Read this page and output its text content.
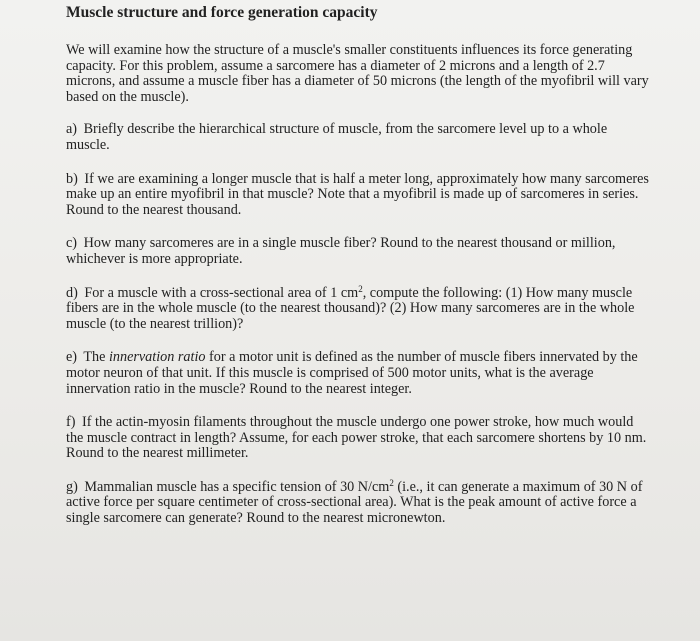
Muscle structure and force generation capacity

We will examine how the structure of a muscle's smaller constituents influences its force generating capacity. For this problem, assume a sarcomere has a diameter of 2 microns and a length of 2.7 microns, and assume a muscle fiber has a diameter of 50 microns (the length of the myofibril will vary based on the muscle).

a) Briefly describe the hierarchical structure of muscle, from the sarcomere level up to a whole muscle.

b) If we are examining a longer muscle that is half a meter long, approximately how many sarcomeres make up an entire myofibril in that muscle? Note that a myofibril is made up of sarcomeres in series. Round to the nearest thousand.

c) How many sarcomeres are in a single muscle fiber? Round to the nearest thousand or million, whichever is more appropriate.

d) For a muscle with a cross-sectional area of 1 $cm^2$, compute the following: (1) How many muscle fibers are in the whole muscle (to the nearest thousand)? (2) How many sarcomeres are in the whole muscle (to the nearest trillion)?

e) The innervation ratio for a motor unit is defined as the number of muscle fibers innervated by the motor neuron of that unit. If this muscle is comprised of 500 motor units, what is the average innervation ratio in the muscle? Round to the nearest integer.

f) If the actin-myosin filaments throughout the muscle undergo one power stroke, how much would the muscle contract in length? Assume, for each power stroke, that each sarcomere shortens by 10 nm. Round to the nearest millimeter.

g) Mammalian muscle has a specific tension of 30 $N/cm^2$ (i.e., it can generate a maximum of 30 N of active force per square centimeter of cross-sectional area). What is the peak amount of active force a single sarcomere can generate? Round to the nearest micronewton.
